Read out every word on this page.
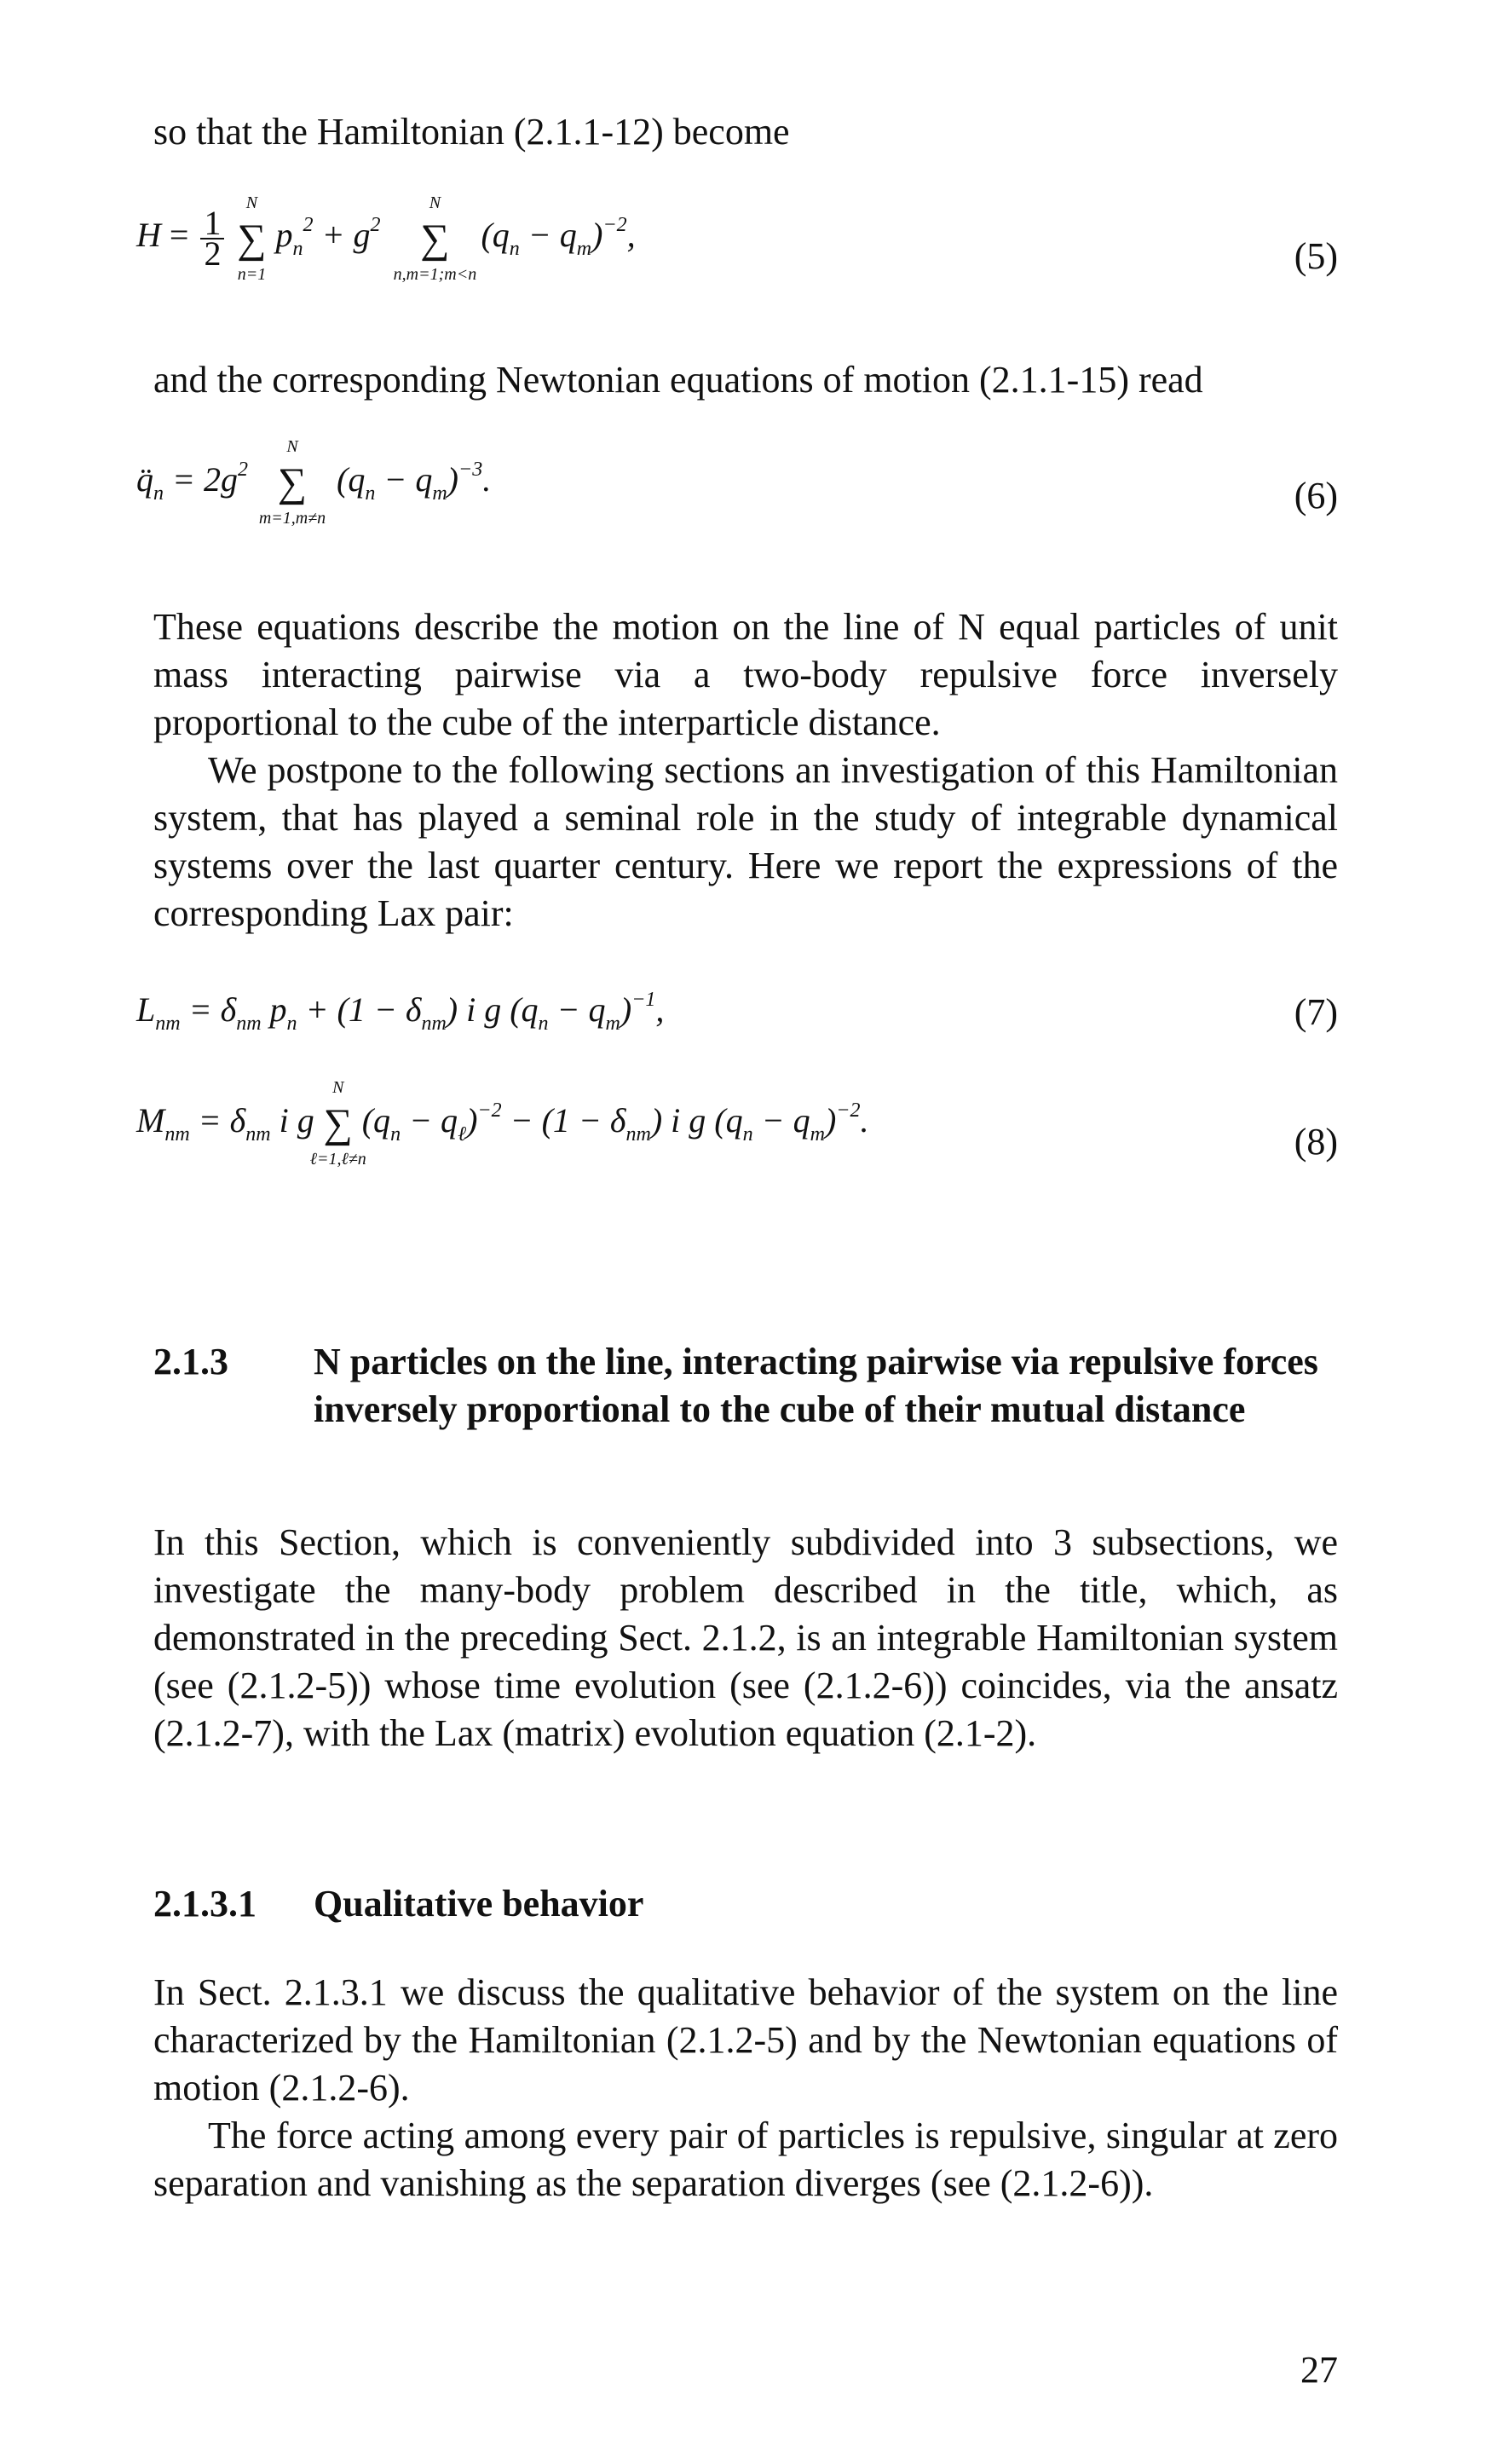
so that the Hamiltonian (2.1.1-12) become

$H = \frac{1}{2}$ ∑
N
n=1
$p_n^2 + g^2$ ∑
N
n,m=1;m<n
$(q_n - q_m)^{-2}$,
(5)

and the corresponding Newtonian equations of motion (2.1.1-15) read

$q̈_n = 2g^2$ ∑
N
m=1,m≠n
$(q_n - q_m)^{-3}$.	(6)

These equations describe the motion on the line of N equal particles of unit mass interacting pairwise via a two-body repulsive force inversely proportional to the cube of the interparticle distance.

We postpone to the following sections an investigation of this Hamiltonian system, that has played a seminal role in the study of integrable dynamical systems over the last quarter century. Here we report the expressions of the corresponding Lax pair:

$L_{nm} = \delta_{nm}$ $p_n + (1 - \delta_{nm})$ i g $(q_n - q_m)^{-1}$,	(7)
$M_{nm} = \delta_{nm}$ i g ∑
N
ℓ=1,ℓ≠n
$(q_n - q_\ell)^{-2} - (1 - \delta_{nm})$ i g $(q_n - q_m)^{-2}$.
(8)
2.1.3 N particles on the line, interacting pairwise via repulsive forces inversely proportional to the cube of their mutual distance

In this Section, which is conveniently subdivided into 3 subsections, we investigate the many-body problem described in the title, which, as demonstrated in the preceding Sect. 2.1.2, is an integrable Hamiltonian system (see (2.1.2-5)) whose time evolution (see (2.1.2-6)) coincides, via the ansatz (2.1.2-7), with the Lax (matrix) evolution equation (2.1-2).

2.1.3.1 Qualitative behavior

In Sect. 2.1.3.1 we discuss the qualitative behavior of the system on the line characterized by the Hamiltonian (2.1.2-5) and by the Newtonian equations of motion (2.1.2-6).

The force acting among every pair of particles is repulsive, singular at zero separation and vanishing as the separation diverges (see (2.1.2-6)).

27
